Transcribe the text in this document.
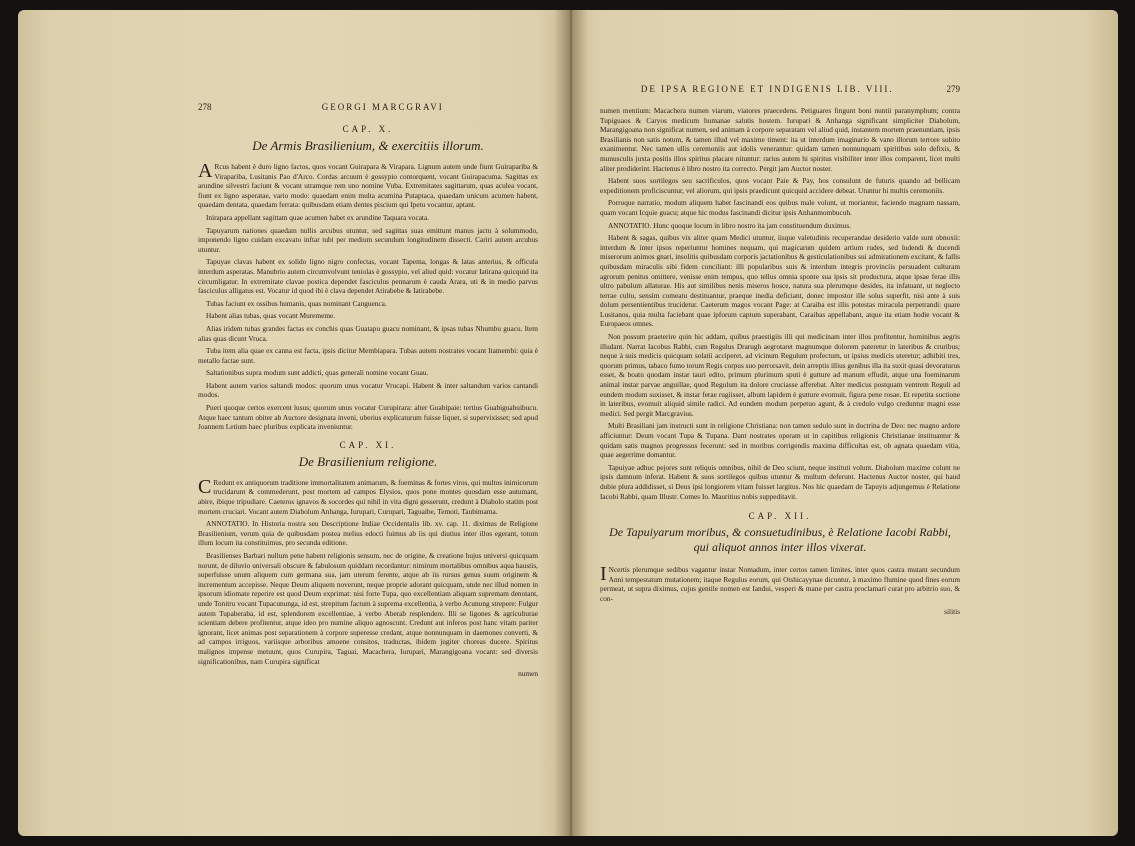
278	GEORGI MARCGRAVI
CAP. X.
De Armis Brasilienium, & exercitiis illorum.

ARcus habent è duro ligno factos, quos vocant Guirapara & Virapara. Lignum autem unde fiunt Guirapariba & Virapariba, Lusitanis Pao d'Arco. Cordas arcuum è gossypio contorquent, vocant Guirapacuma. Sagittas ex arundine silvestri faciunt & vocant utramque rem uno nomine Vuba. Extremitates sagittarum, quas aculea vocant, fiunt ex ligno asperatae, vario modo: quaedam enim multa acumina Putaptaca, quaedam unicum acumen habent, quaedam dentata, quaedam ferrata: quibusdam etiam dentes piscium qui Ipetu vocantur, aptant.

Inirapara appellant sagittam quae acumen habet ex arundine Taquara vocata.

Tapuyarum nationes quaedam nullis arcubus utuntur, sed sagittas suas emittunt manus jactu à solummodo, imponendo ligno cuidam excavato inftar tubi per medium secundum longitudinem dissecti. Cariri autem arcubus utuntur.

Tapuyae clavas habent ex solido ligno nigro confectas, vocant Tapema, longas & latas anterius, & officula interdum asperatas. Manubrio autem circumvolvunt teniolas è gossypio, vel aliud quid: vocatur Iatirana quicquid ita circumligatur. In extremitate clavae postica dependet fasciculus pennarum è cauda Arara, uti & in medio parvus fasciculus alligatus est. Vocatur id quod ibi è clava dependet Atirabebe & Iatirabebe.

Tubas faciunt ex ossibus humanis, quas nominant Canguenca.

Habent alias tubas, quas vocant Murememe.

Alias iridem tubas grandes factas ex conchis quas Guatapu guacu nominant, & ipsas tubas Nhumbu guacu. Item alias quas dicunt Vruca.

Tuba item alia quae ex canna est facta, ipsis dicitur Membiapara. Tubas autem nostrates vocant Itamembi: quia è metallo factae sunt.

Saltationibus supra modum sunt addicti, quas generali nomine vocant Guau.

Habent autem varios saltandi modos: quorum unus vocatur Vrucapi. Habent & inter saltandum varios cantandi modos.

Pueri quoque certos exercent lusus; quorum unus vocatur Curupirara: alter Guabipaie: tertius Guabiguabuibucu. Atque haec tantum obiter ab Auctore designata inveni, uberius explicaturum fuisse liquet, si supervixisset; sed apud Joannem Letium haec pluribus explicata inveniuntur.

CAP. XI.
De Brasilienium religione.

CRedunt ex antiquorum traditione immortalitatem animarum, & foeminas & fortes viros, qui multos inimicorum trucidarunt & commederunt, post mortem ad campos Elysios, quos pone montes quosdam esse autumant, abire, ibique tripudiare. Caeteros ignavos & socordes qui nihil in vita digni gesserunt, credunt à Diabolo statim post mortem cruciari. Vocant autem Diabolum Anhanga, Iurupari, Curupari, Taguaibe, Temoti, Taubimama.

ANNOTATIO. In Historia nostra seu Descriptione Indiae Occidentalis lib. xv. cap. 11. diximus de Religione Brasilienium, verum quia de quibusdam postea melius edocti fuimus ab iis qui diutius inter illos egerant, totum illum locum ita constituimus, pro secunda editione.

Brasilienses Barbari nullum pene habent religionis sensum, nec de origine, & creatione hujus universi quicquam norunt, de diluvio universali obscure & fabulosum quiddam recordantur: nimirum mortalibus omnibus aqua haustis, superfuisse unum aliquem cum germana sua, jam uterum ferente, atque ab iis rursus genus suum originem & incrementum accepisse. Neque Deum aliquem noverunt, neque proprie adorant quicquam, unde nec illud nomen in ipsorum idiomate reperire est quod Deum exprimat: nisi forte Tupa, quo excellentiam aliquam supremam denotant, unde Tonitru vocant Tupacununga, id est, strepitum factum à suprema excellentia, à verbo Acunung strepere: Fulgur autem Tupaberaba, id est, splendorem excellentiae, à verbo Aberab resplendere. Illi se ligones & agriculturae scientiam debere profitentur, atque ideo pro numine aliquo agnoscunt. Credunt aut inferos post hanc vitam pariter ignorant, licet animas post separationem à corpore superesse credant, atque nonnunquam in daemones converti, & ad campos irriguos, variisque arboribus amoene consitos, traductas, ibidem jugiter choreas ducere. Spiritus malignos impense metuunt, quos Curupira, Taguai, Macachera, Iurupari, Marangigoana vocant: sed diversis significationibus, nam Curupira significat

numen
DE IPSA REGIONE ET INDIGENIS LIB. VIII.	279

numen mentium: Macachera numen viarum, viatores praecedens. Petiguares fingunt boni nuntii paranymphum; contra Tupiguaos & Caryos medicum humanae salutis hostem. Iurupari & Anhanga significant simpliciter Diabolum, Marangigoana non significat numen, sed animam à corpore separatam vel aliud quid, instantem mortem praenuntiam, ipsis Brasilianis non satis notum, & tamen illud vel maxime timent: ita ut interdum imaginario & vano illorum terrore subito exanimentur. Nec tamen ullis ceremoniis aut idolis venerantur: quidam tamen nonnunquam spiritibus solo defixis, & munusculis juxta positis illos spiritus placare nituntur: rarius autem hi spiritus visibiliter inter illos comparent, licet multi aliter prodiderint. Hactenus è libro nostro ita correcto. Pergit jam Auctor noster.

Habent suos sortilegos seu sacrificulos, quos vocant Paie & Pay, hos consulunt de futuris quando ad bellicam expeditionem proficiscuntur, vel aliorum, qui ipsis praedicunt quicquid accidere debeat. Utuntur hi multis ceremoniis.

Porroque narratio, modum aliquem habet fascinandi eos quibus male volunt, ut moriantur, faciendo magnam nassam, quam vocant Icquie guacu; atque hic modus fascinandi dicitur ipsis Anhanmombucuh.

ANNOTATIO. Hunc quoque locum in libro nostro ita jam constituendum duximus.

Habent & sagas, quibus vix aliter quam Medici utuntur, iisque valetudinis recuperandae desiderio valde sunt obnoxii: interdum & inter ipsos reperiuntur homines nequam, qui magicarum quidem artium rudes, sed ludendi & ducendi miserorum animos gnari, insolitis quibusdam corporis jactationibus & gesticulationibus sui admirationem excitant, & fallis quibusdam miraculis sibi fidem conciliant: illi popularibus suis & interdum integris provinciis persuadent culturam agrorum penitus omittere, venisse enim tempus, quo tellus omnia sponte sua ipsis sit productura, atque ipsae ferae illis ultro pabulum allaturae. His aut similibus nenis miseros hosce, natura sua plerumque desides, ita infatuant, ut neglecto terrae cultu, sensim comeatu destituantur, praeque inedia deficiant, donec impostor ille solus superfit, nisi ante à suis dolum persentientibus trucidetur. Caeterum magos vocant Page: at Caraiba est illis potestas miracula perpetrandi: quare Lusitanos, quia multa faciebant quae ipforum captum superabant, Caraibas appellabant, atque ita etiam hodie vocant & Europaeos omnes.

Non possum praeterire quin hic addam, quibus praestigiis illi qui medicinam inter illos profitentur, hominibus aegris illudant. Narrat Iacobus Rabbi, cum Regulus Drarugh aegrotaret magnumque dolorem pateretur in lateribus & cruribus; neque à suis medicis quicquam solatii acciperet, ad vicinum Regulum profectum, ut ipsius medicis uteretur; adhibiti tres, quorum primus, tabaco fumo torum Regis corpus suo perrorsavit, dein arreptis illius genibus illa ita suxit quasi devoraturus esset, & boatu quodam instar tauri edito, primum plurimum sputi è gutture ad manum effudit, atque una foeminarum animal instar parvae anguillae, quod Regulum ita dolore cruciasse afferebat. Alter medicus postquam ventrem Reguli ad eundem modum suxisset, & instar ferae rugiisset, album lapidem è gutture evomuit, figura pene rosae. Et repetita suctione in lateribus, evomuit aliquid simile radici. Ad eundem modum perpetuo agunt, & à credulo vulgo creduntur magni esse medici. Sed pergit Marcgravius.

Multi Brasiliani jam instructi sunt in religione Christiana: non tamen sedulo sunt in doctrina de Deo: nec magno ardore afficiuntur: Deum vocant Tupa & Tupana. Dant nostrates operam ut in capitibus religionis Christianae instituantur & quidam satis magnos progressus fecerunt: sed in moribus corrigendis maxima difficultas est, ob agnata quaedam vitia, quae aegerrime domantur.

Tapuiyae adhuc pejores sunt reliquis omnibus, nihil de Deo sciunt, neque instituti volunt. Diabolum maxime colunt ne ipsis damnum inferat. Habent & suos sortilegos quibus utuntur & multum deferunt. Hactenus Auctor noster, qui haud dubie plura addidisset, si Deus ipsi longiorem vitam fuisset largitus. Nos hic quaedam de Tapuyis adjungemus è Relatione Iacobi Rabbi, quam Illustr. Comes Io. Mauritius nobis suppeditavit.

CAP. XII.
De Tapuiyarum moribus, & consuetudinibus, è Relatione Iacobi Rabbi,
qui aliquot annos inter illos vixerat.

INcertis plerumque sedibus vagantur instar Nomadum, inter certos tamen limites, inter quos castra mutant secundum Anni tempestatum mutationem; itaque Regulus eorum, qui Otshicayynae dicuntur, à maximo flumine quod fines eorum permeat, ut supra diximus, cujus gentile nomen est Iandui, vesperi & mane per castra proclamari curat pro arbitrio suo, & con-

silitis
